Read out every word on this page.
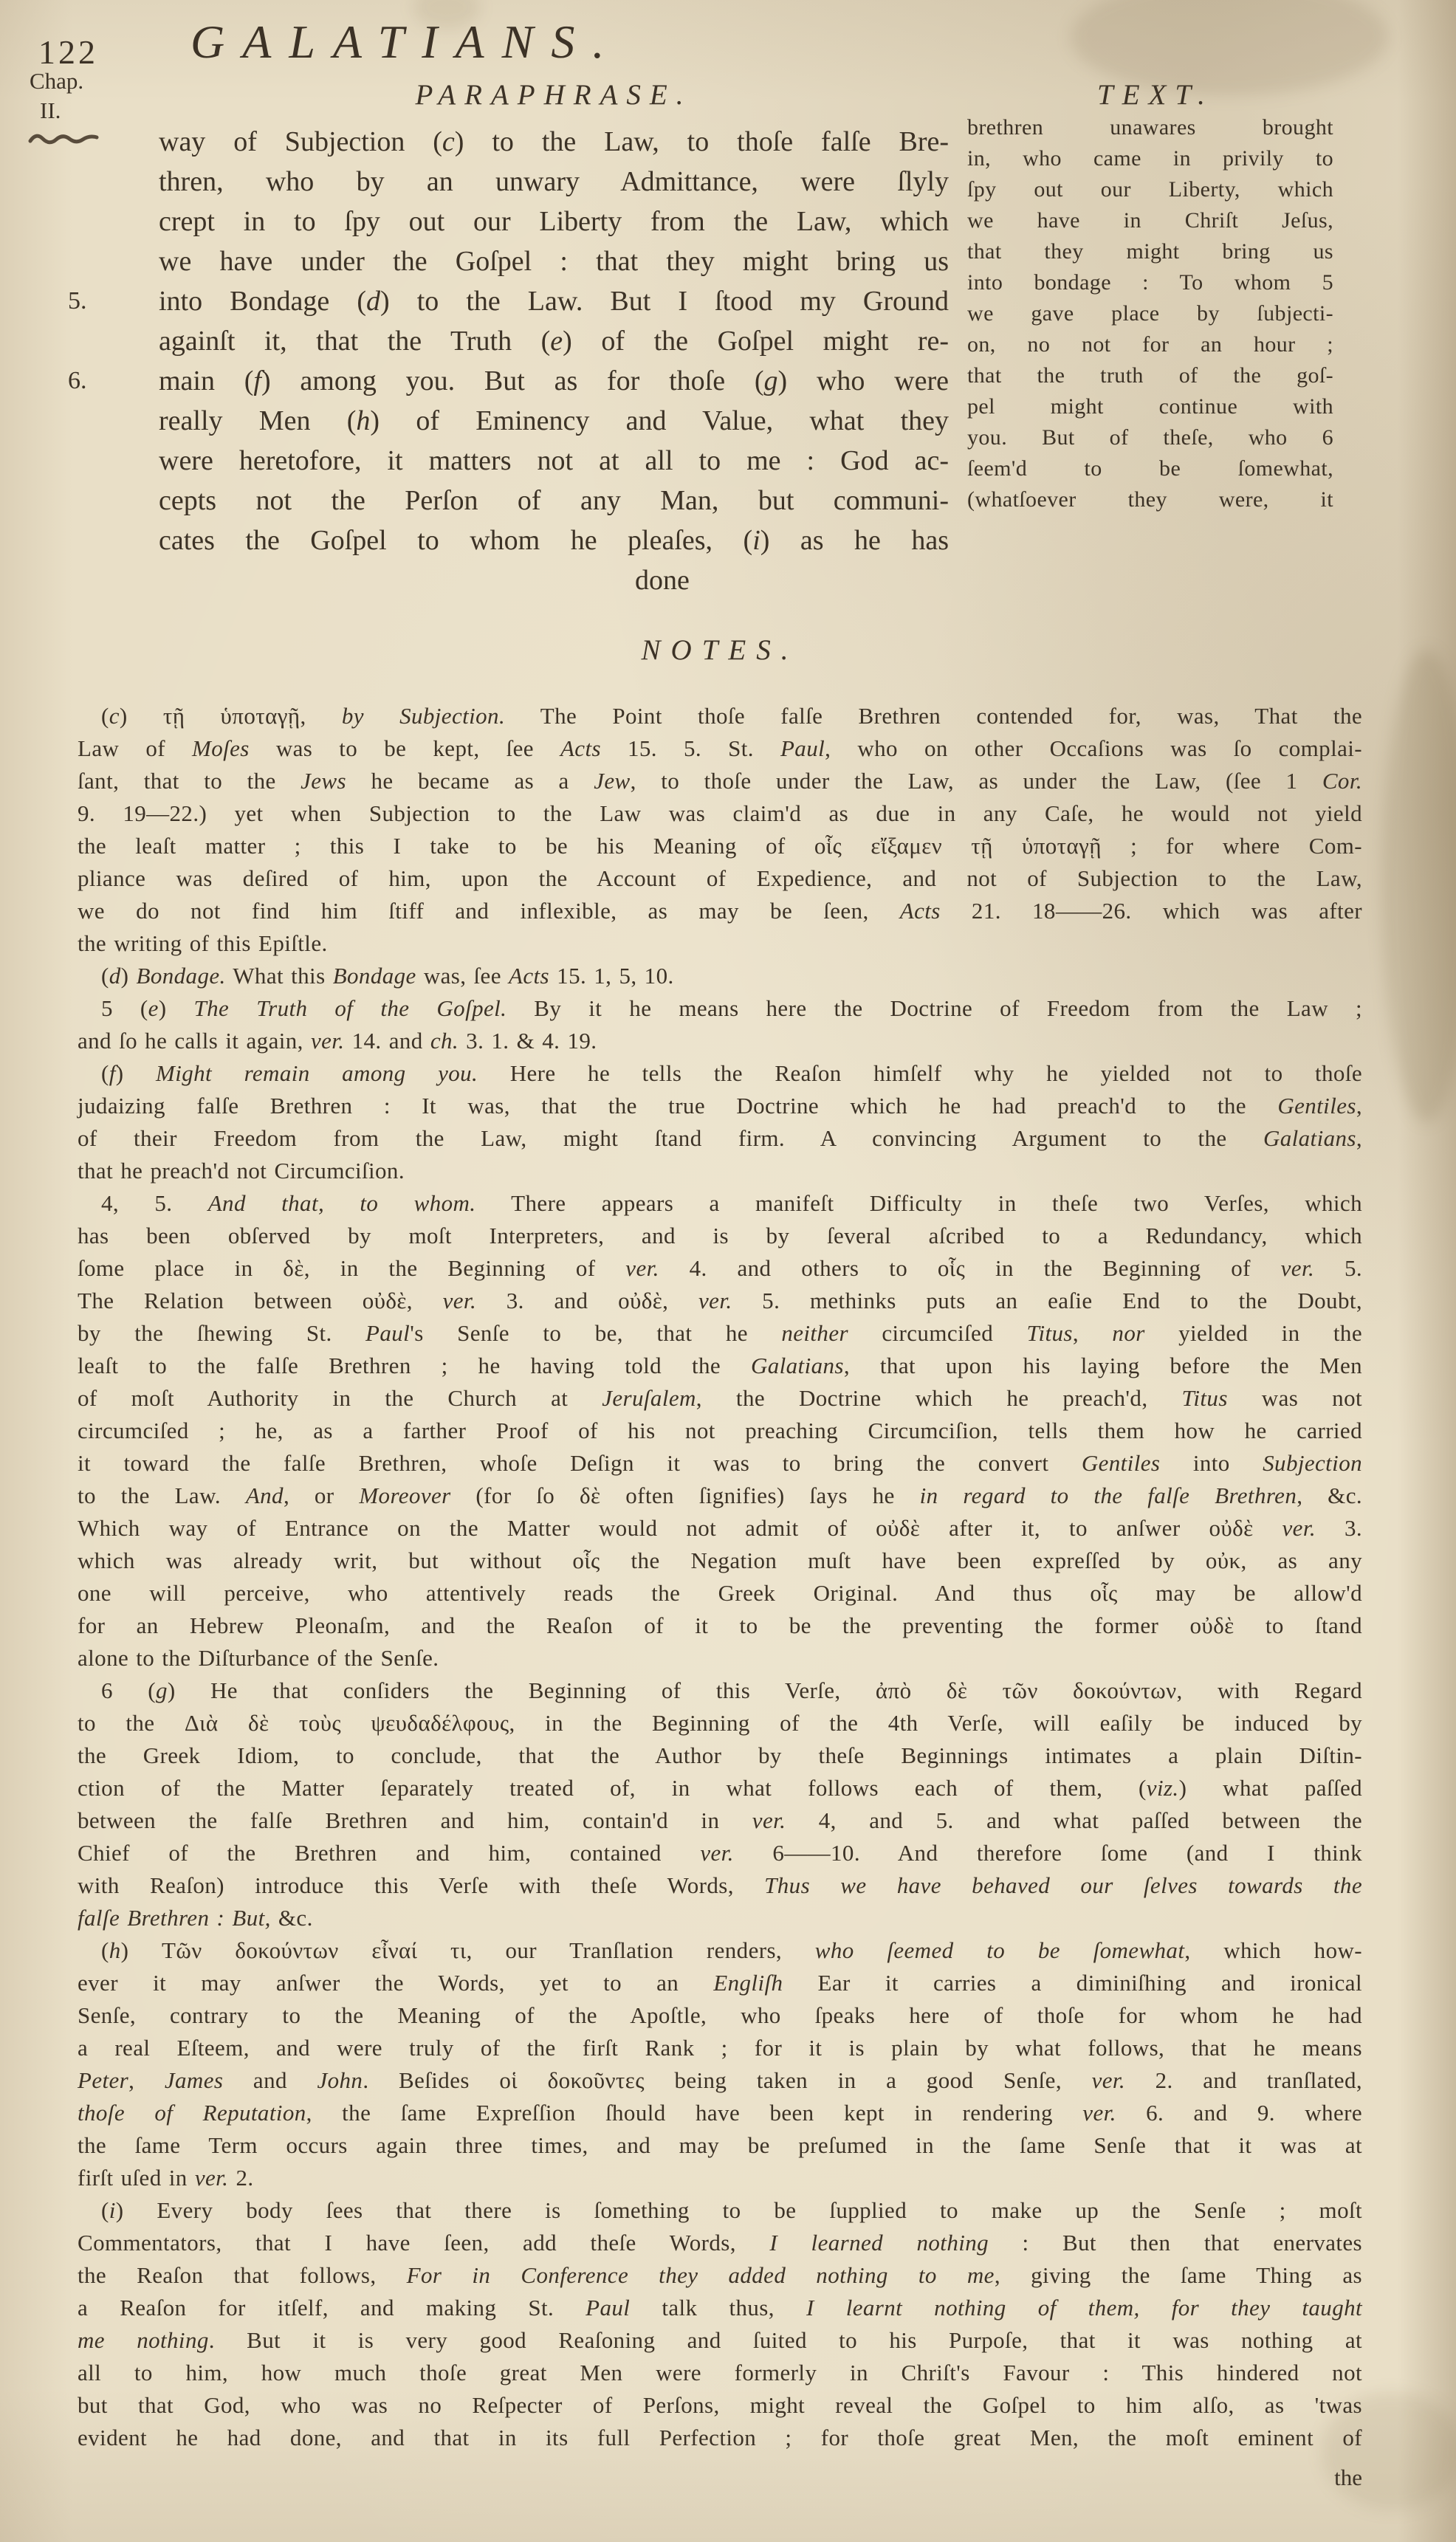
122 GALATIANS.
Chap.
II.	PARAPHRASE.	TEXT.
5.
6.
way of Subjection (c) to the Law, to thoſe falſe Bre-
thren, who by an unwary Admittance, were ſlyly
crept in to ſpy out our Liberty from the Law, which
we have under the Goſpel : that they might bring us
into Bondage (d) to the Law. But I ſtood my Ground
againſt it, that the Truth (e) of the Goſpel might re-
main (f) among you. But as for thoſe (g) who were
really Men (h) of Eminency and Value, what they
were heretofore, it matters not at all to me : God ac-
cepts not the Perſon of any Man, but communi-
cates the Goſpel to whom he pleaſes, (i) as he has
done
brethren unawares brought
in, who came in privily to
ſpy out our Liberty, which
we have in Chriſt Jeſus,
that they might bring us
into bondage : To whom 5
we gave place by ſubjecti-
on, no not for an hour ;
that the truth of the goſ-
pel might continue with
you. But of theſe, who 6
ſeem'd to be ſomewhat,
(whatſoever they were, it
NOTES.

(c) τῇ ὑποταγῇ, by Subjection. The Point thoſe falſe Brethren contended for, was, That the
Law of Moſes was to be kept, ſee Acts 15. 5. St. Paul, who on other Occaſions was ſo complai-
ſant, that to the Jews he became as a Jew, to thoſe under the Law, as under the Law, (ſee 1 Cor.
9. 19—22.) yet when Subjection to the Law was claim'd as due in any Caſe, he would not yield
the leaſt matter ; this I take to be his Meaning of οἷς εἴξαμεν τῇ ὑποταγῇ ; for where Com-
pliance was deſired of him, upon the Account of Expedience, and not of Subjection to the Law,
we do not find him ſtiff and inflexible, as may be ſeen, Acts 21. 18——26. which was after
the writing of this Epiſtle.

(d) Bondage. What this Bondage was, ſee Acts 15. 1, 5, 10.

5 (e) The Truth of the Goſpel. By it he means here the Doctrine of Freedom from the Law ;
and ſo he calls it again, ver. 14. and ch. 3. 1. & 4. 19.

(f) Might remain among you. Here he tells the Reaſon himſelf why he yielded not to thoſe
judaizing falſe Brethren : It was, that the true Doctrine which he had preach'd to the Gentiles,
of their Freedom from the Law, might ſtand firm. A convincing Argument to the Galatians,
that he preach'd not Circumciſion.

4, 5. And that, to whom. There appears a manifeſt Difficulty in theſe two Verſes, which
has been obſerved by moſt Interpreters, and is by ſeveral aſcribed to a Redundancy, which
ſome place in δὲ, in the Beginning of ver. 4. and others to οἷς in the Beginning of ver. 5.
The Relation between οὐδὲ, ver. 3. and οὐδὲ, ver. 5. methinks puts an eaſie End to the Doubt,
by the ſhewing St. Paul's Senſe to be, that he neither circumciſed Titus, nor yielded in the
leaſt to the falſe Brethren ; he having told the Galatians, that upon his laying before the Men
of moſt Authority in the Church at Jeruſalem, the Doctrine which he preach'd, Titus was not
circumciſed ; he, as a farther Proof of his not preaching Circumciſion, tells them how he carried
it toward the falſe Brethren, whoſe Deſign it was to bring the convert Gentiles into Subjection
to the Law. And, or Moreover (for ſo δὲ often ſignifies) ſays he in regard to the falſe Brethren, &c.
Which way of Entrance on the Matter would not admit of οὐδὲ after it, to anſwer οὐδὲ ver. 3.
which was already writ, but without οἷς the Negation muſt have been expreſſed by οὐκ, as any
one will perceive, who attentively reads the Greek Original. And thus οἷς may be allow'd
for an Hebrew Pleonaſm, and the Reaſon of it to be the preventing the former οὐδὲ to ſtand
alone to the Diſturbance of the Senſe.

6 (g) He that conſiders the Beginning of this Verſe, ἀπὸ δὲ τῶν δοκούντων, with Regard
to the Διὰ δὲ τοὺς ψευδαδέλφους, in the Beginning of the 4th Verſe, will eaſily be induced by
the Greek Idiom, to conclude, that the Author by theſe Beginnings intimates a plain Diſtin-
ction of the Matter ſeparately treated of, in what follows each of them, (viz.) what paſſed
between the falſe Brethren and him, contain'd in ver. 4, and 5. and what paſſed between the
Chief of the Brethren and him, contained ver. 6——10. And therefore ſome (and I think
with Reaſon) introduce this Verſe with theſe Words, Thus we have behaved our ſelves towards the
falſe Brethren : But, &c.

(h) Τῶν δοκούντων εἶναί τι, our Tranſlation renders, who ſeemed to be ſomewhat, which how-
ever it may anſwer the Words, yet to an Engliſh Ear it carries a diminiſhing and ironical
Senſe, contrary to the Meaning of the Apoſtle, who ſpeaks here of thoſe for whom he had
a real Eſteem, and were truly of the firſt Rank ; for it is plain by what follows, that he means
Peter, James and John. Beſides οἱ δοκοῦντες being taken in a good Senſe, ver. 2. and tranſlated,
thoſe of Reputation, the ſame Expreſſion ſhould have been kept in rendering ver. 6. and 9. where
the ſame Term occurs again three times, and may be preſumed in the ſame Senſe that it was at
firſt uſed in ver. 2.

(i) Every body ſees that there is ſomething to be ſupplied to make up the Senſe ; moſt
Commentators, that I have ſeen, add theſe Words, I learned nothing : But then that enervates
the Reaſon that follows, For in Conference they added nothing to me, giving the ſame Thing as
a Reaſon for itſelf, and making St. Paul talk thus, I learnt nothing of them, for they taught
me nothing. But it is very good Reaſoning and ſuited to his Purpoſe, that it was nothing at
all to him, how much thoſe great Men were formerly in Chriſt's Favour : This hindered not
but that God, who was no Reſpecter of Perſons, might reveal the Goſpel to him alſo, as 'twas
evident he had done, and that in its full Perfection ; for thoſe great Men, the moſt eminent of

the
